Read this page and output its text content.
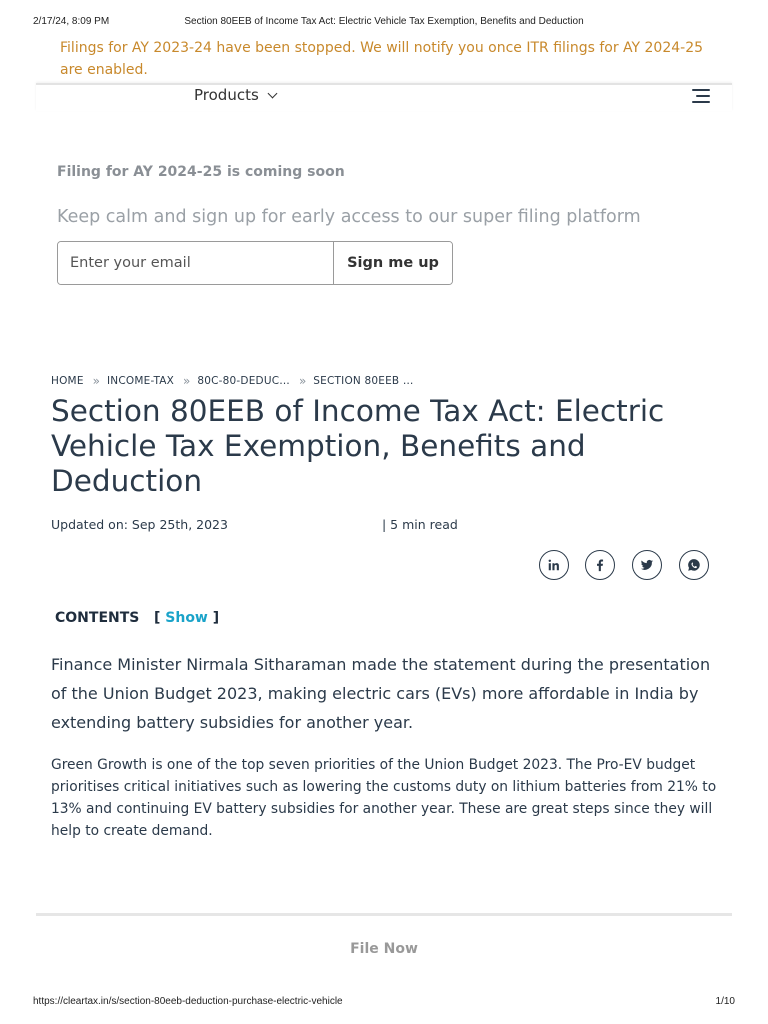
2/17/24, 8:09 PM	Section 80EEB of Income Tax Act: Electric Vehicle Tax Exemption, Benefits and Deduction
Filings for AY 2023-24 have been stopped. We will notify you once ITR filings for AY 2024-25 are enabled.
Products
Filing for AY 2024-25 is coming soon
Keep calm and sign up for early access to our super filing platform
Enter your email
Sign me up
HOME » INCOME-TAX » 80C-80-DEDUC… » SECTION 80EEB …
Section 80EEB of Income Tax Act: Electric Vehicle Tax Exemption, Benefits and Deduction
Updated on: Sep 25th, 2023	| 5 min read
CONTENTS [ Show ]

Finance Minister Nirmala Sitharaman made the statement during the presentation of the Union Budget 2023, making electric cars (EVs) more affordable in India by extending battery subsidies for another year.

Green Growth is one of the top seven priorities of the Union Budget 2023. The Pro-EV budget prioritises critical initiatives such as lowering the customs duty on lithium batteries from 21% to 13% and continuing EV battery subsidies for another year. These are great steps since they will help to create demand.

File Now
https://cleartax.in/s/section-80eeb-deduction-purchase-electric-vehicle	1/10
